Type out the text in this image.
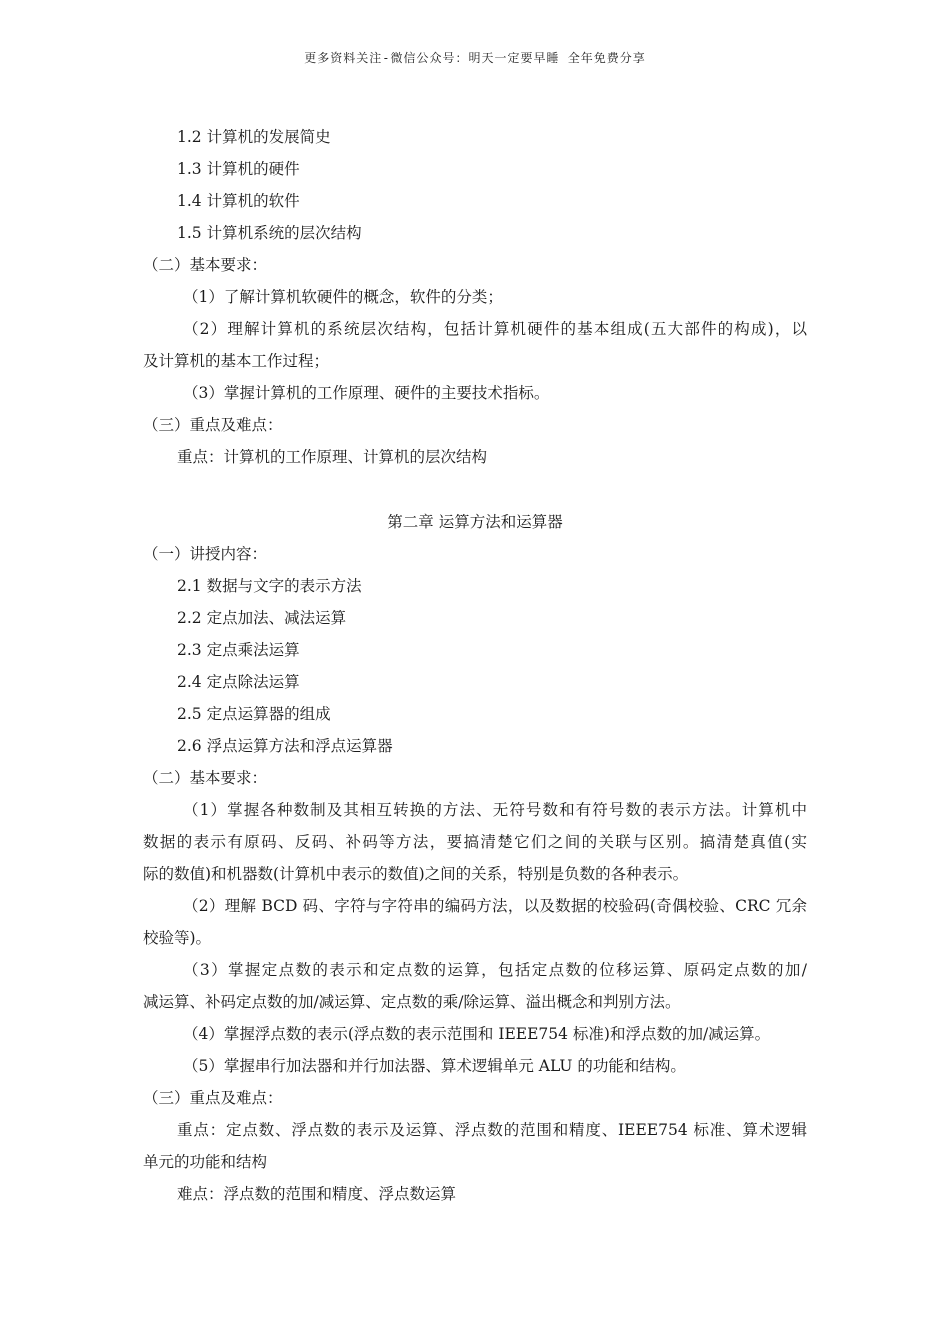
更多资料关注-微信公众号：明天一定要早睡 全年免费分享
1.2 计算机的发展简史
1.3 计算机的硬件
1.4 计算机的软件
1.5 计算机系统的层次结构
（二）基本要求：
（1）了解计算机软硬件的概念，软件的分类；
（2）理解计算机的系统层次结构，包括计算机硬件的基本组成(五大部件的构成)，以
及计算机的基本工作过程；
（3）掌握计算机的工作原理、硬件的主要技术指标。
（三）重点及难点：
重点：计算机的工作原理、计算机的层次结构
第二章 运算方法和运算器
（一）讲授内容：
2.1 数据与文字的表示方法
2.2 定点加法、减法运算
2.3 定点乘法运算
2.4 定点除法运算
2.5 定点运算器的组成
2.6 浮点运算方法和浮点运算器
（二）基本要求：
（1）掌握各种数制及其相互转换的方法、无符号数和有符号数的表示方法。计算机中
数据的表示有原码、反码、补码等方法，要搞清楚它们之间的关联与区别。搞清楚真值(实
际的数值)和机器数(计算机中表示的数值)之间的关系，特别是负数的各种表示。
（2）理解 BCD 码、字符与字符串的编码方法，以及数据的校验码(奇偶校验、CRC 冗余
校验等)。
（3）掌握定点数的表示和定点数的运算，包括定点数的位移运算、原码定点数的加/
减运算、补码定点数的加/减运算、定点数的乘/除运算、溢出概念和判别方法。
（4）掌握浮点数的表示(浮点数的表示范围和 IEEE754 标准)和浮点数的加/减运算。
（5）掌握串行加法器和并行加法器、算术逻辑单元 ALU 的功能和结构。
（三）重点及难点：
重点：定点数、浮点数的表示及运算、浮点数的范围和精度、IEEE754 标准、算术逻辑
单元的功能和结构
难点：浮点数的范围和精度、浮点数运算
